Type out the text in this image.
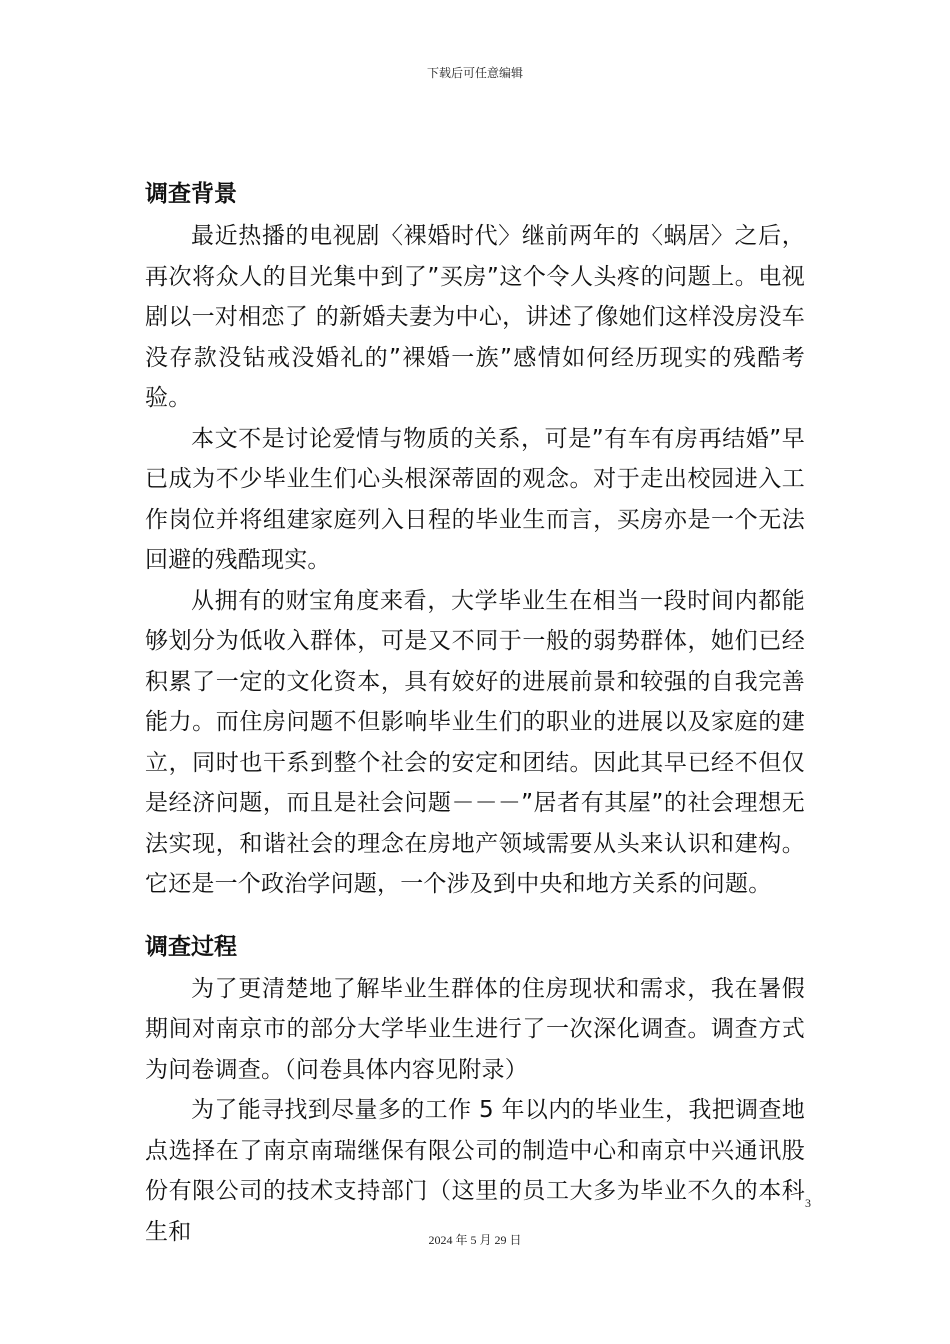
下载后可任意编辑
调查背景

最近热播的电视剧〈裸婚时代〉继前两年的〈蜗居〉之后，再次将众人的目光集中到了”买房”这个令人头疼的问题上。电视剧以一对相恋了 的新婚夫妻为中心，讲述了像她们这样没房没车没存款没钻戒没婚礼的”裸婚一族”感情如何经历现实的残酷考验。

本文不是讨论爱情与物质的关系，可是”有车有房再结婚”早已成为不少毕业生们心头根深蒂固的观念。对于走出校园进入工作岗位并将组建家庭列入日程的毕业生而言，买房亦是一个无法回避的残酷现实。

从拥有的财宝角度来看，大学毕业生在相当一段时间内都能够划分为低收入群体，可是又不同于一般的弱势群体，她们已经积累了一定的文化资本，具有姣好的进展前景和较强的自我完善能力。而住房问题不但影响毕业生们的职业的进展以及家庭的建立，同时也干系到整个社会的安定和团结。因此其早已经不但仅是经济问题，而且是社会问题－－－”居者有其屋”的社会理想无法实现，和谐社会的理念在房地产领域需要从头来认识和建构。它还是一个政治学问题，一个涉及到中央和地方关系的问题。

调查过程

为了更清楚地了解毕业生群体的住房现状和需求，我在暑假期间对南京市的部分大学毕业生进行了一次深化调查。调查方式为问卷调查。（问卷具体内容见附录）

为了能寻找到尽量多的工作 5 年以内的毕业生，我把调查地点选择在了南京南瑞继保有限公司的制造中心和南京中兴通讯股份有限公司的技术支持部门（这里的员工大多为毕业不久的本科生和

3
2024 年 5 月 29 日
